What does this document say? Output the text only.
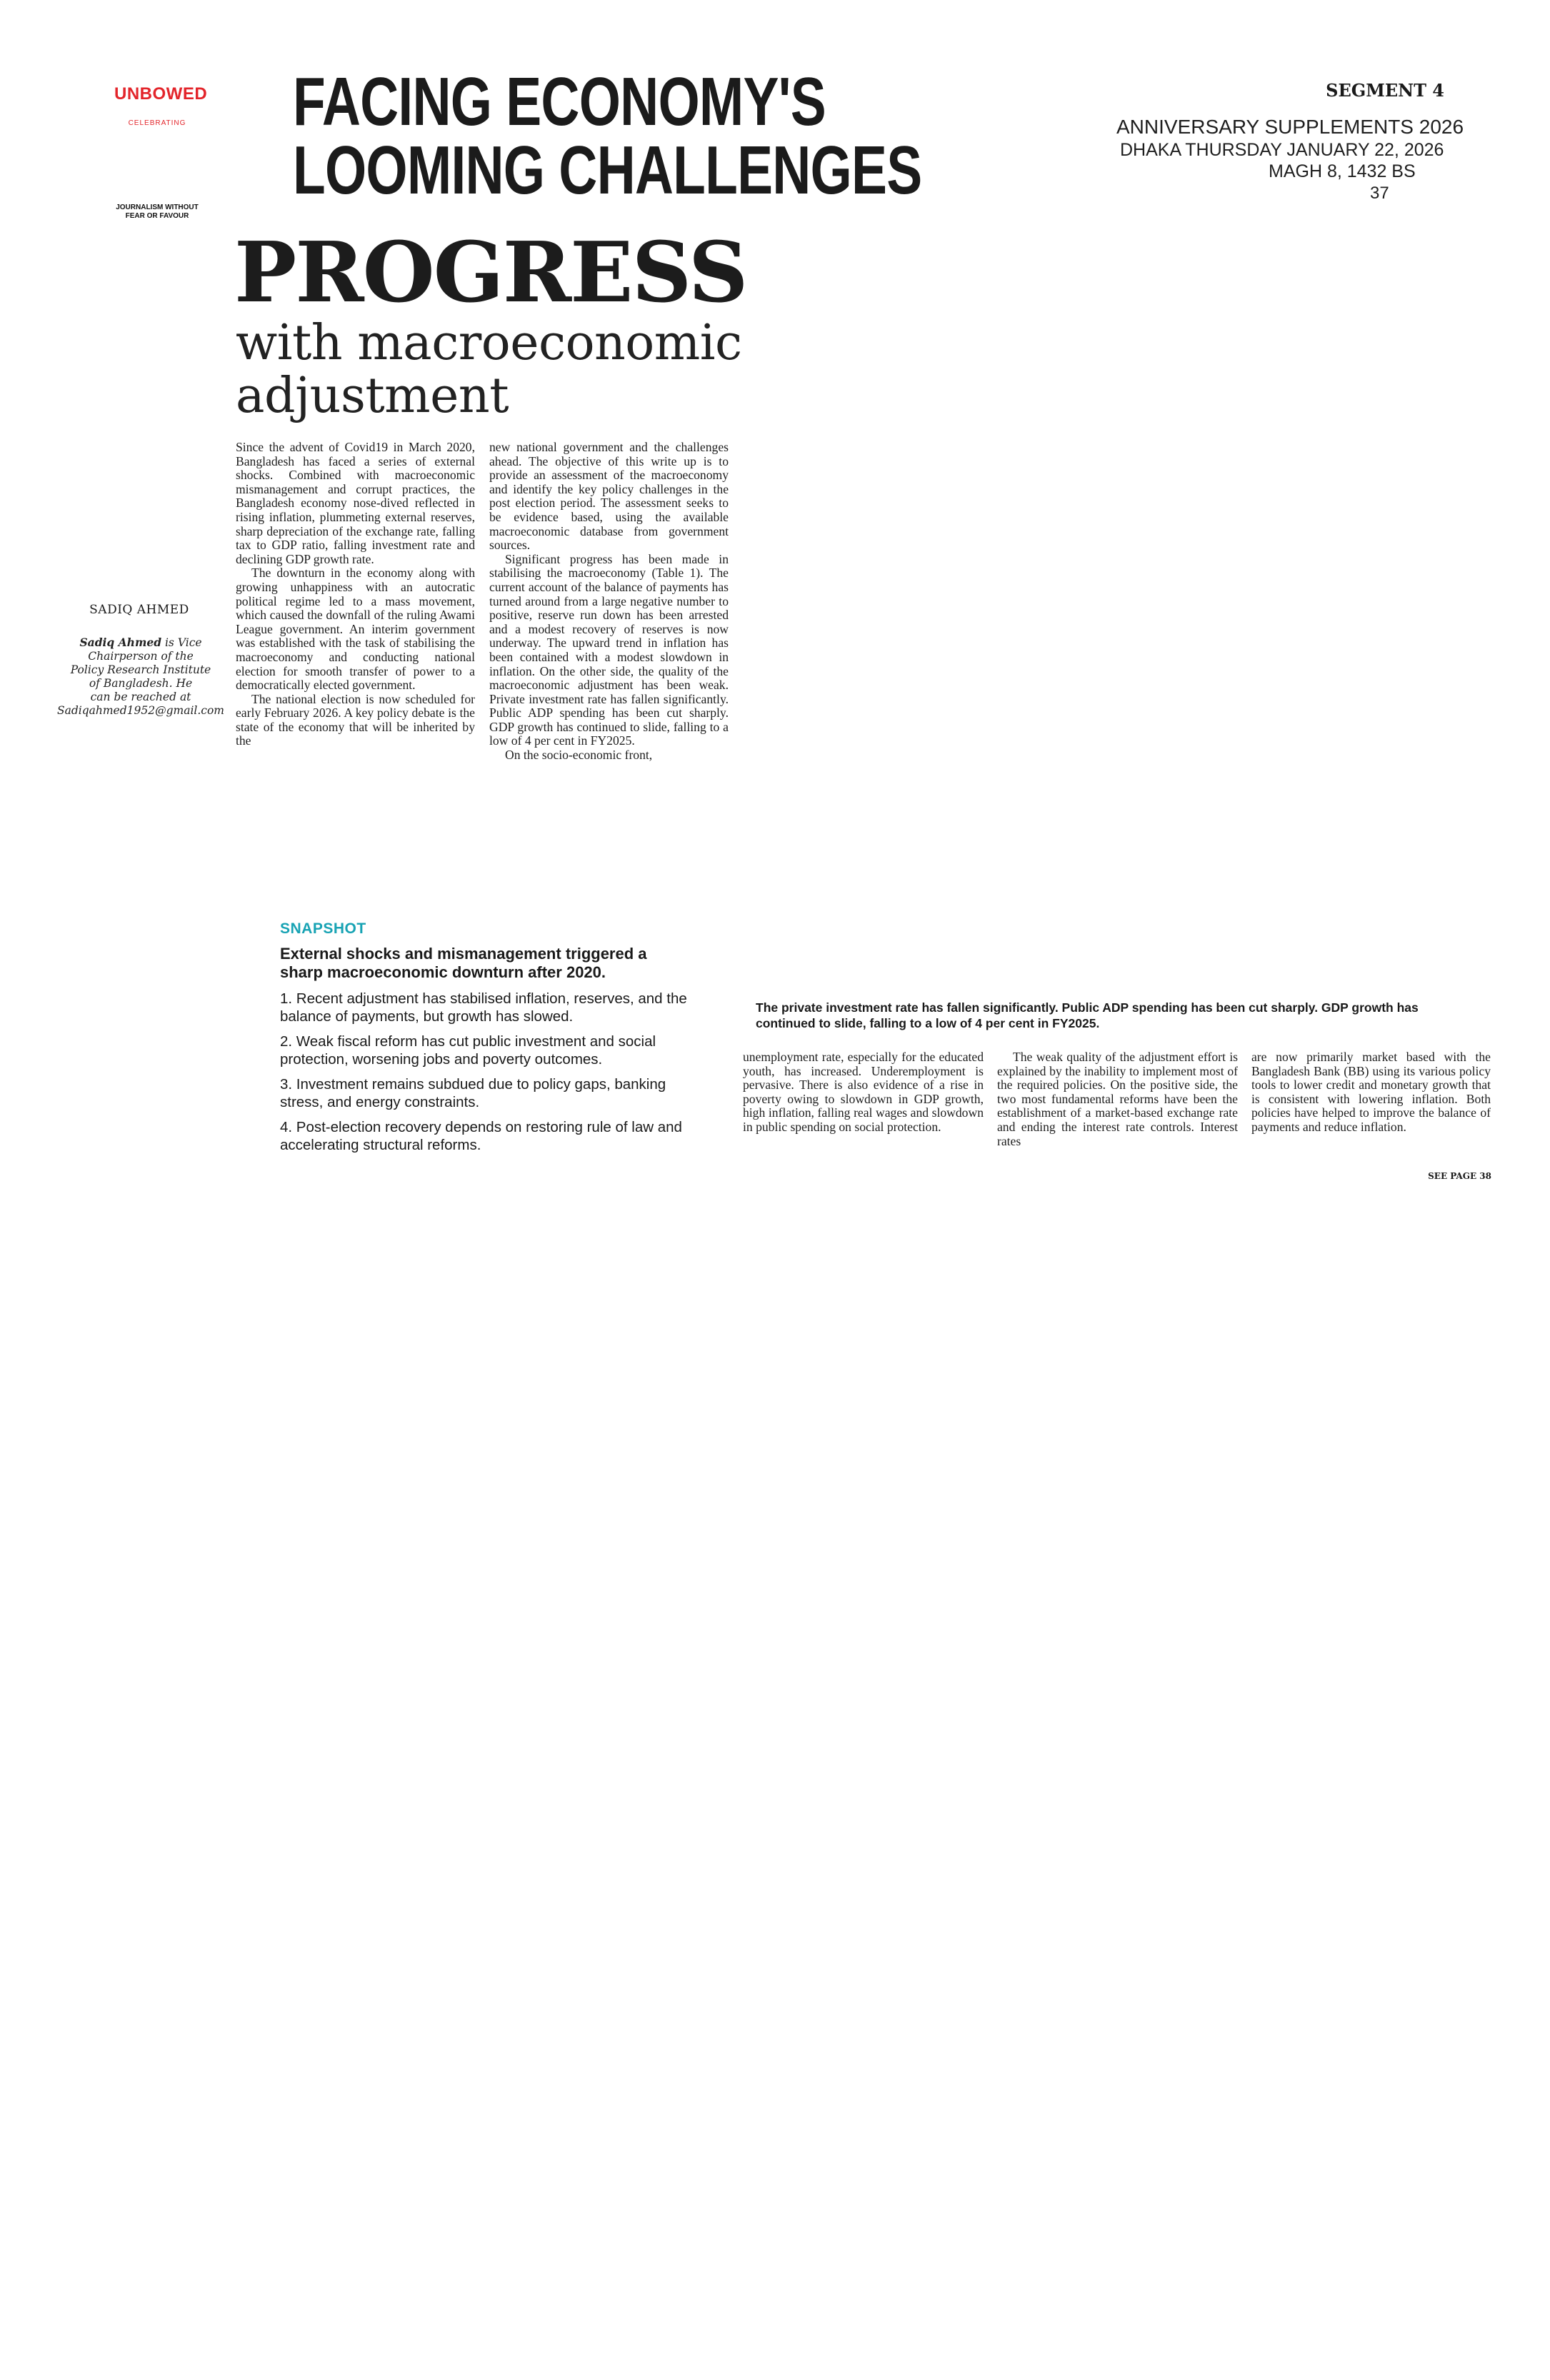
UNBOWED
CELEBRATING
JOURNALISM WITHOUT
FEAR OR FAVOUR
FACING ECONOMY'S
LOOMING CHALLENGES
SEGMENT 4
ANNIVERSARY SUPPLEMENTS 2026
DHAKA THURSDAY JANUARY 22, 2026
MAGH 8, 1432 BS
37
PROGRESS
with macroeconomic
adjustment
SADIQ AHMED
Sadiq Ahmed is Vice
Chairperson of the
Policy Research Institute
of Bangladesh. He
can be reached at
Sadiqahmed1952@gmail.com

Since the advent of Covid19 in March 2020, Bangladesh has faced a series of external shocks. Combined with macroeconomic mismanagement and corrupt practices, the Bangladesh economy nose-dived reflected in rising inflation, plummeting external reserves, sharp depreciation of the exchange rate, falling tax to GDP ratio, falling investment rate and declining GDP growth rate.

The downturn in the economy along with growing unhappiness with an autocratic political regime led to a mass movement, which caused the downfall of the ruling Awami League government. An interim government was established with the task of stabilising the macroeconomy and conducting national election for smooth transfer of power to a democratically elected government.

The national election is now scheduled for early February 2026. A key policy debate is the state of the economy that will be inherited by the

new national government and the challenges ahead. The objective of this write up is to provide an assessment of the macroeconomy and identify the key policy challenges in the post election period. The assessment seeks to be evidence based, using the available macroeconomic database from government sources.

Significant progress has been made in stabilising the macroeconomy (Table 1). The current account of the balance of payments has turned around from a large negative number to positive, reserve run down has been arrested and a modest recovery of reserves is now underway. The upward trend in inflation has been contained with a modest slowdown in inflation. On the other side, the quality of the macroeconomic adjustment has been weak. Private investment rate has fallen significantly. Public ADP spending has been cut sharply. GDP growth has continued to slide, falling to a low of 4 per cent in FY2025.

On the socio-economic front,

SNAPSHOT
External shocks and mismanagement triggered a sharp macroeconomic downturn after 2020.
1. Recent adjustment has stabilised inflation, reserves, and the balance of payments, but growth has slowed.
2. Weak fiscal reform has cut public investment and social protection, worsening jobs and poverty outcomes.
3. Investment remains subdued due to policy gaps, banking stress, and energy constraints.
4. Post-election recovery depends on restoring rule of law and accelerating structural reforms.
The private investment rate has fallen significantly. Public ADP spending has been cut sharply. GDP growth has continued to slide, falling to a low of 4 per cent in FY2025.

unemployment rate, especially for the educated youth, has increased. Underemployment is pervasive. There is also evidence of a rise in poverty owing to slowdown in GDP growth, high inflation, falling real wages and slowdown in public spending on social protection.

The weak quality of the adjustment effort is explained by the inability to implement most of the required policies. On the positive side, the two most fundamental reforms have been the establishment of a market-based exchange rate and ending the interest rate controls. Interest rates

are now primarily market based with the Bangladesh Bank (BB) using its various policy tools to lower credit and monetary growth that is consistent with lowering inflation. Both policies have helped to improve the balance of payments and reduce inflation.

SEE PAGE 38
